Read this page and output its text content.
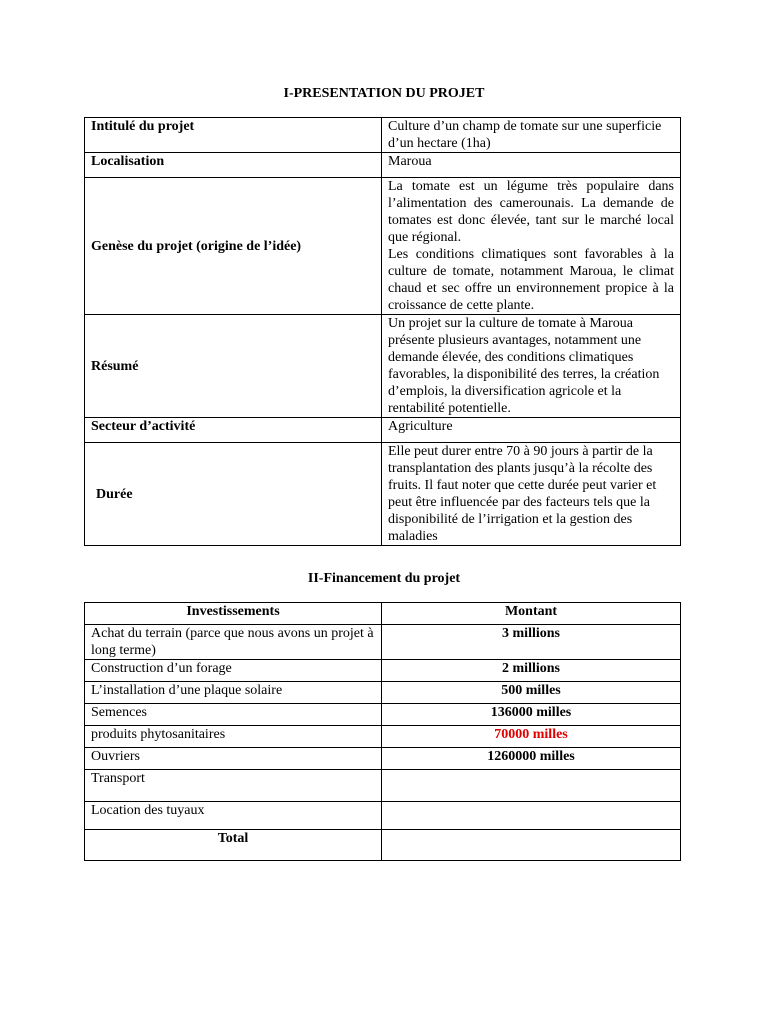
I-PRESENTATION DU PROJET
Intitulé du projet	Culture d’un champ de tomate sur une superficie d’un hectare (1ha)
Localisation	Maroua
Genèse du projet (origine de l’idée)	La tomate est un légume très populaire dans l’alimentation des camerounais. La demande de tomates est donc élevée, tant sur le marché local que régional.
Les conditions climatiques sont favorables à la culture de tomate, notamment Maroua, le climat chaud et sec offre un environnement propice à la croissance de cette plante.

Résumé	Un projet sur la culture de tomate à Maroua présente plusieurs avantages, notamment une demande élevée, des conditions climatiques favorables, la disponibilité des terres, la création d’emplois, la diversification agricole et la rentabilité potentielle.
Secteur d’activité	Agriculture
Durée	Elle peut durer entre 70 à 90 jours à partir de la transplantation des plants jusqu’à la récolte des fruits. Il faut noter que cette durée peut varier et peut être influencée par des facteurs tels que la disponibilité de l’irrigation et la gestion des maladies
II-Financement du projet
Investissements	Montant
Achat du terrain (parce que nous avons un projet à long terme)	3 millions
Construction d’un forage	2 millions
L’installation d’une plaque solaire	500 milles
Semences	136000 milles
produits phytosanitaires	70000 milles
Ouvriers	1260000 milles
Transport	
Location des tuyaux	
Total	
